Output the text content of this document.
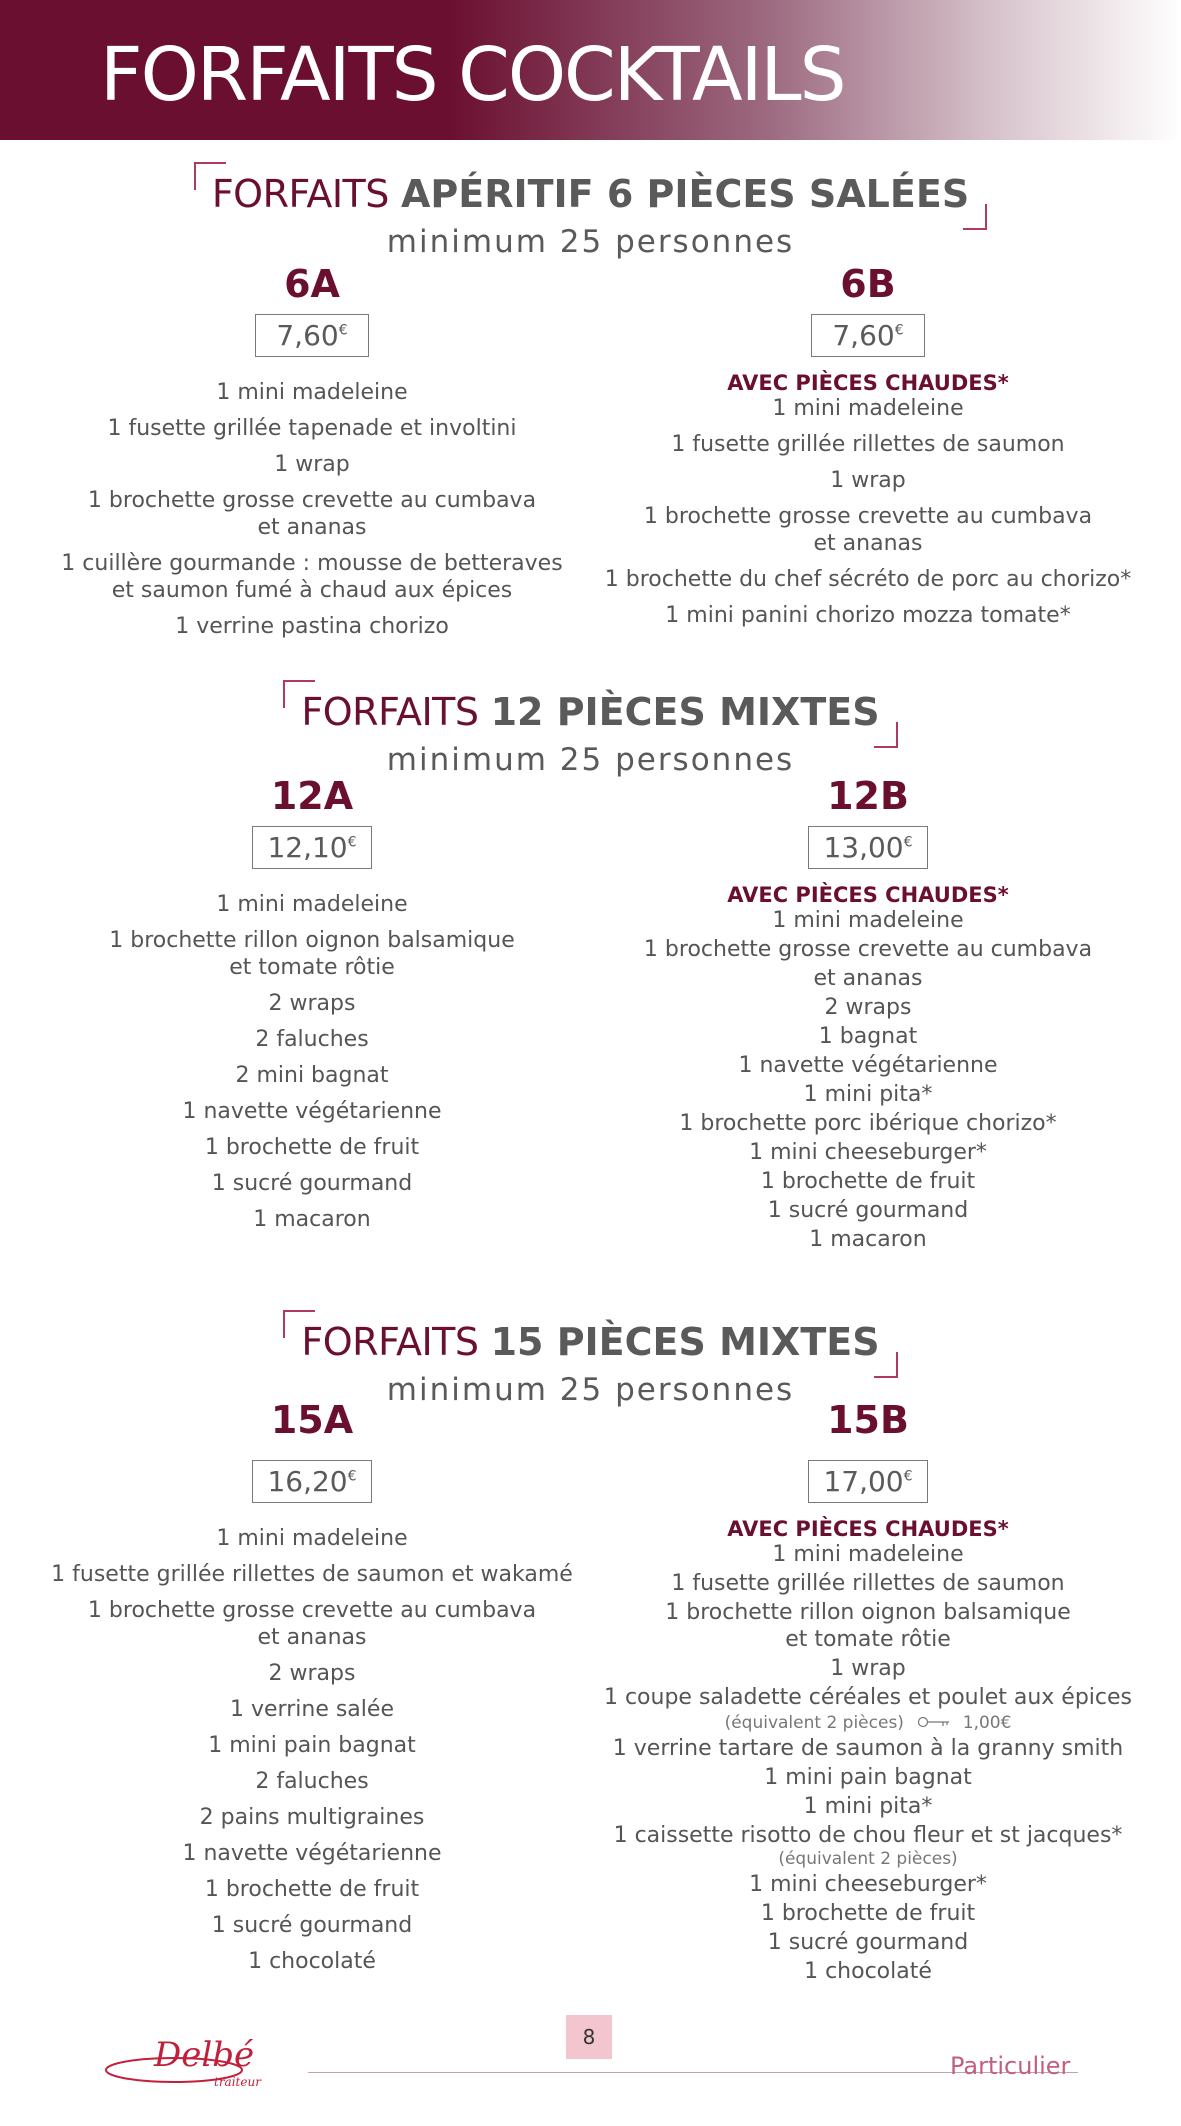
FORFAITS COCKTAILS
FORFAITS APÉRITIF 6 PIÈCES SALÉES
minimum 25 personnes
6A
7,60€
1 mini madeleine
1 fusette grillée tapenade et involtini
1 wrap
1 brochette grosse crevette au cumbava
et ananas
1 cuillère gourmande : mousse de betteraves
et saumon fumé à chaud aux épices
1 verrine pastina chorizo
6B
7,60€
AVEC PIÈCES CHAUDES*
1 mini madeleine
1 fusette grillée rillettes de saumon
1 wrap
1 brochette grosse crevette au cumbava
et ananas
1 brochette du chef sécréto de porc au chorizo*
1 mini panini chorizo mozza tomate*
FORFAITS 12 PIÈCES MIXTES
minimum 25 personnes
12A
12,10€
1 mini madeleine
1 brochette rillon oignon balsamique
et tomate rôtie
2 wraps
2 faluches
2 mini bagnat
1 navette végétarienne
1 brochette de fruit
1 sucré gourmand
1 macaron
12B
13,00€
AVEC PIÈCES CHAUDES*
1 mini madeleine
1 brochette grosse crevette au cumbava
et ananas
2 wraps
1 bagnat
1 navette végétarienne
1 mini pita*
1 brochette porc ibérique chorizo*
1 mini cheeseburger*
1 brochette de fruit
1 sucré gourmand
1 macaron
FORFAITS 15 PIÈCES MIXTES
minimum 25 personnes
15A
16,20€
1 mini madeleine
1 fusette grillée rillettes de saumon et wakamé
1 brochette grosse crevette au cumbava
et ananas
2 wraps
1 verrine salée
1 mini pain bagnat
2 faluches
2 pains multigraines
1 navette végétarienne
1 brochette de fruit
1 sucré gourmand
1 chocolaté
15B
17,00€
AVEC PIÈCES CHAUDES*
1 mini madeleine
1 fusette grillée rillettes de saumon
1 brochette rillon oignon balsamique
et tomate rôtie
1 wrap
1 coupe saladette céréales et poulet aux épices
(équivalent 2 pièces)	1,00€
1 verrine tartare de saumon à la granny smith
1 mini pain bagnat
1 mini pita*
1 caissette risotto de chou fleur et st jacques*
(équivalent 2 pièces)
1 mini cheeseburger*
1 brochette de fruit
1 sucré gourmand
1 chocolaté
Delbé
traiteur
8
Particulier
